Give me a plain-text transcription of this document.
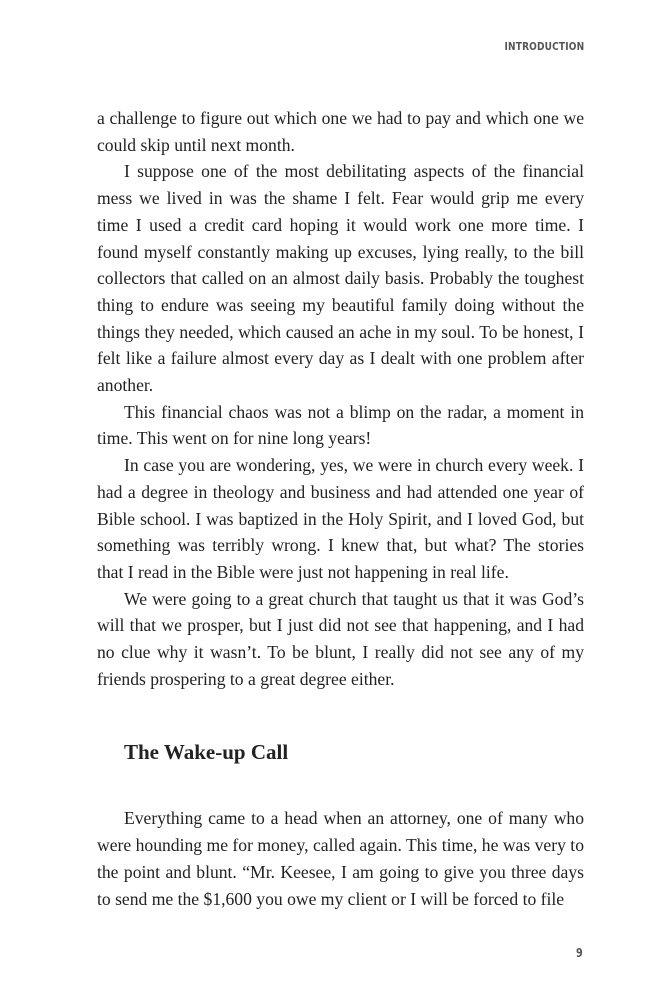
INTRODUCTION

a challenge to figure out which one we had to pay and which one we could skip until next month.

I suppose one of the most debilitating aspects of the financial mess we lived in was the shame I felt. Fear would grip me every time I used a credit card hoping it would work one more time. I found myself constantly making up excuses, lying really, to the bill collectors that called on an almost daily basis. Probably the toughest thing to endure was seeing my beautiful family doing without the things they needed, which caused an ache in my soul. To be honest, I felt like a failure almost every day as I dealt with one problem after another.

This financial chaos was not a blimp on the radar, a moment in time. This went on for nine long years!

In case you are wondering, yes, we were in church every week. I had a degree in theology and business and had attended one year of Bible school. I was baptized in the Holy Spirit, and I loved God, but something was terribly wrong. I knew that, but what? The stories that I read in the Bible were just not happening in real life.

We were going to a great church that taught us that it was God’s will that we prosper, but I just did not see that happening, and I had no clue why it wasn’t. To be blunt, I really did not see any of my friends prospering to a great degree either.

The Wake-up Call

Everything came to a head when an attorney, one of many who were hounding me for money, called again. This time, he was very to the point and blunt. “Mr. Keesee, I am going to give you three days to send me the $1,600 you owe my client or I will be forced to file

9
